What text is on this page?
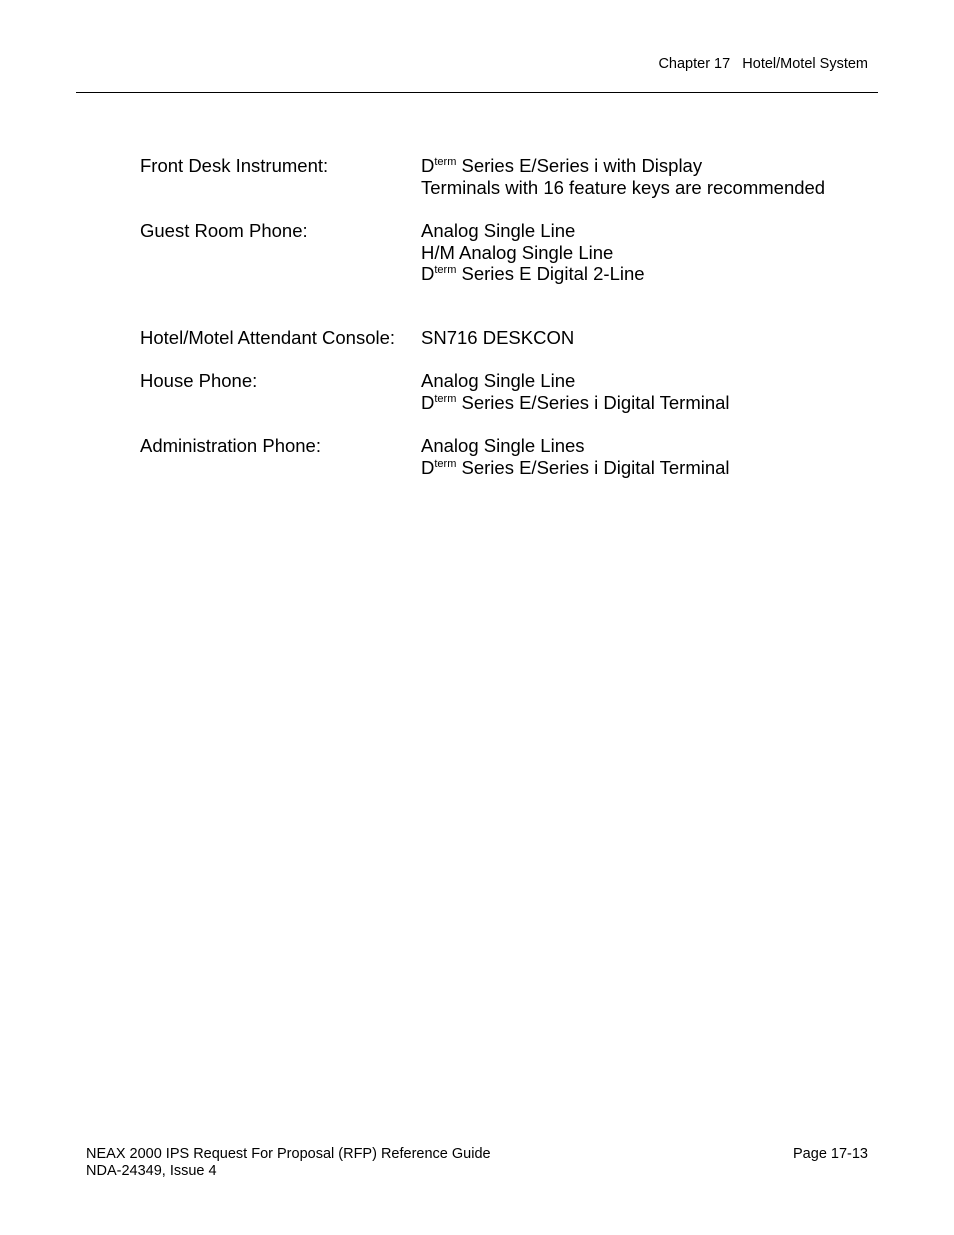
Chapter 17 Hotel/Motel System
Front Desk Instrument:	$D^{term}$ Series E/Series i with Display
Terminals with 16 feature keys are recommended
Guest Room Phone:	Analog Single Line
H/M Analog Single Line
$D^{term}$ Series E Digital 2-Line
Hotel/Motel Attendant Console: SN716 DESKCON
House Phone:	Analog Single Line
$D^{term}$ Series E/Series i Digital Terminal
Administration Phone:	Analog Single Lines
$D^{term}$ Series E/Series i Digital Terminal
NEAX 2000 IPS Request For Proposal (RFP) Reference Guide
NDA-24349, Issue 4
Page 17-13
